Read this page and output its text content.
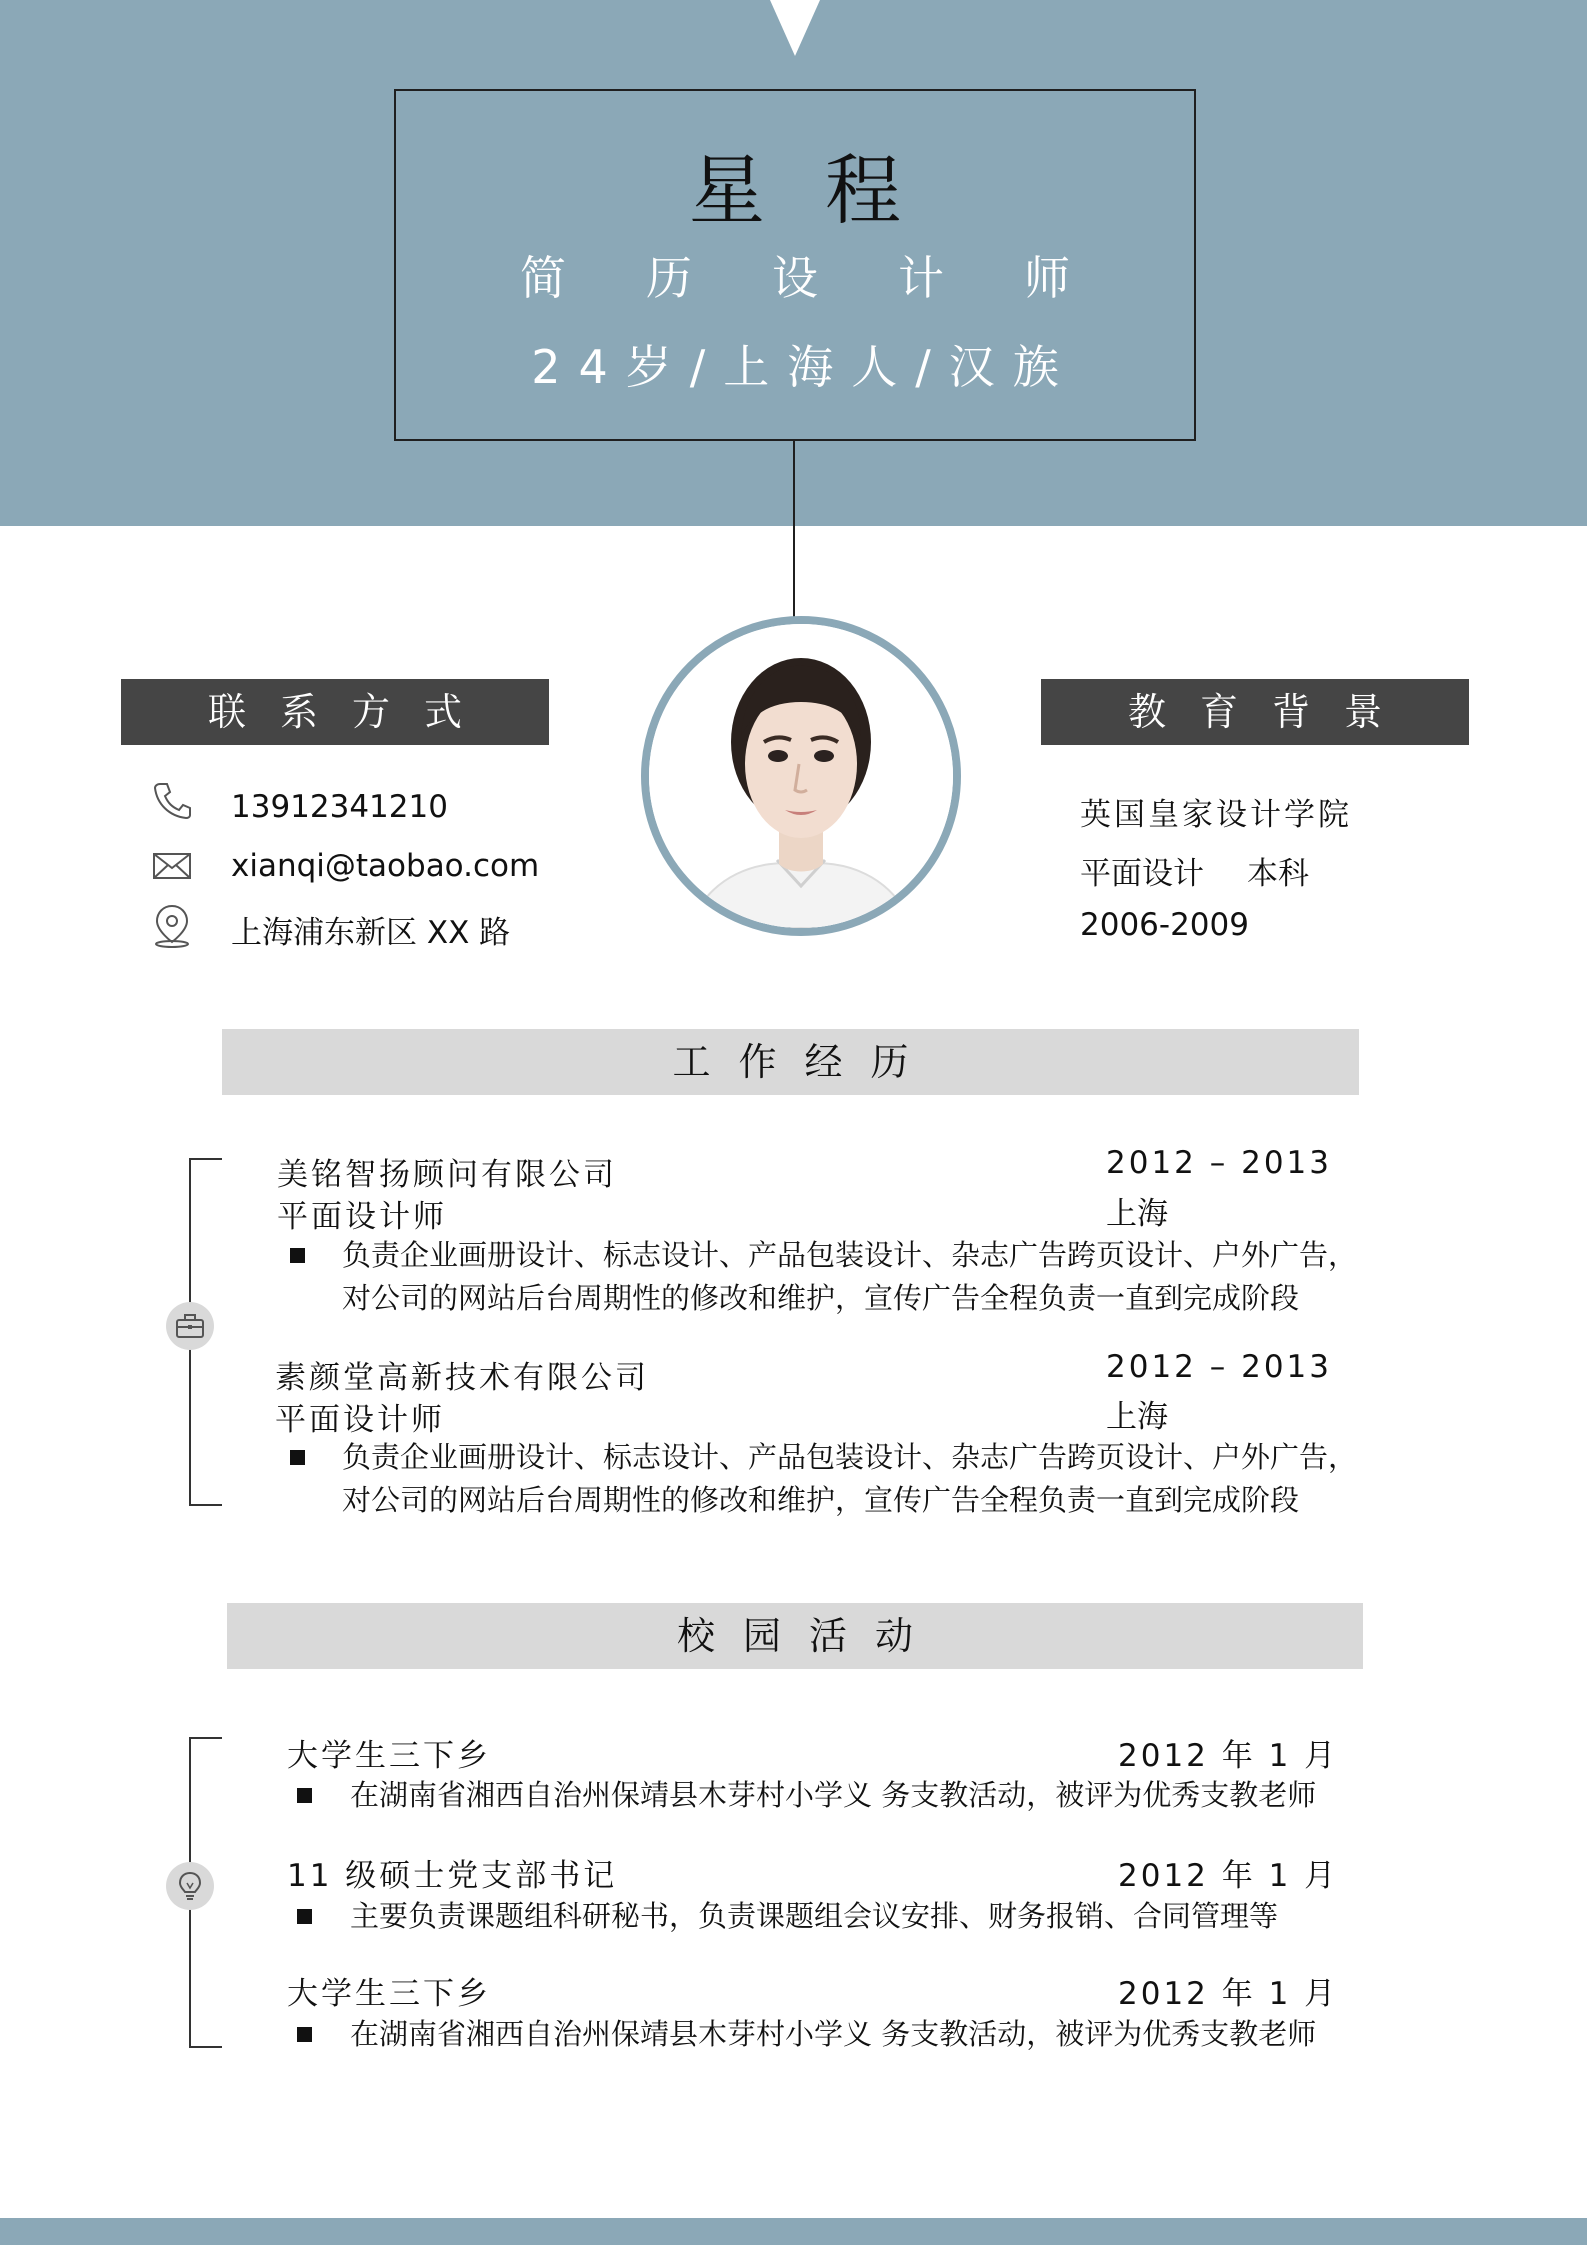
星程
简历设计师
24岁/上海人/汉族
联系方式
13912341210
xianqi@taobao.com
上海浦东新区 XX 路
教育背景
英国皇家设计学院
平面设计 本科
2006-2009
工作经历
美铭智扬顾问有限公司	2012 – 2013
平面设计师	上海
负责企业画册设计、标志设计、产品包装设计、杂志广告跨页设计、户外广告，
对公司的网站后台周期性的修改和维护，宣传广告全程负责一直到完成阶段
素颜堂高新技术有限公司	2012 – 2013
平面设计师	上海
负责企业画册设计、标志设计、产品包装设计、杂志广告跨页设计、户外广告，
对公司的网站后台周期性的修改和维护，宣传广告全程负责一直到完成阶段
校园活动
大学生三下乡	2012 年 1 月
在湖南省湘西自治州保靖县木芽村小学义 务支教活动，被评为优秀支教老师
11 级硕士党支部书记	2012 年 1 月
主要负责课题组科研秘书，负责课题组会议安排、财务报销、合同管理等
大学生三下乡	2012 年 1 月
在湖南省湘西自治州保靖县木芽村小学义 务支教活动，被评为优秀支教老师
